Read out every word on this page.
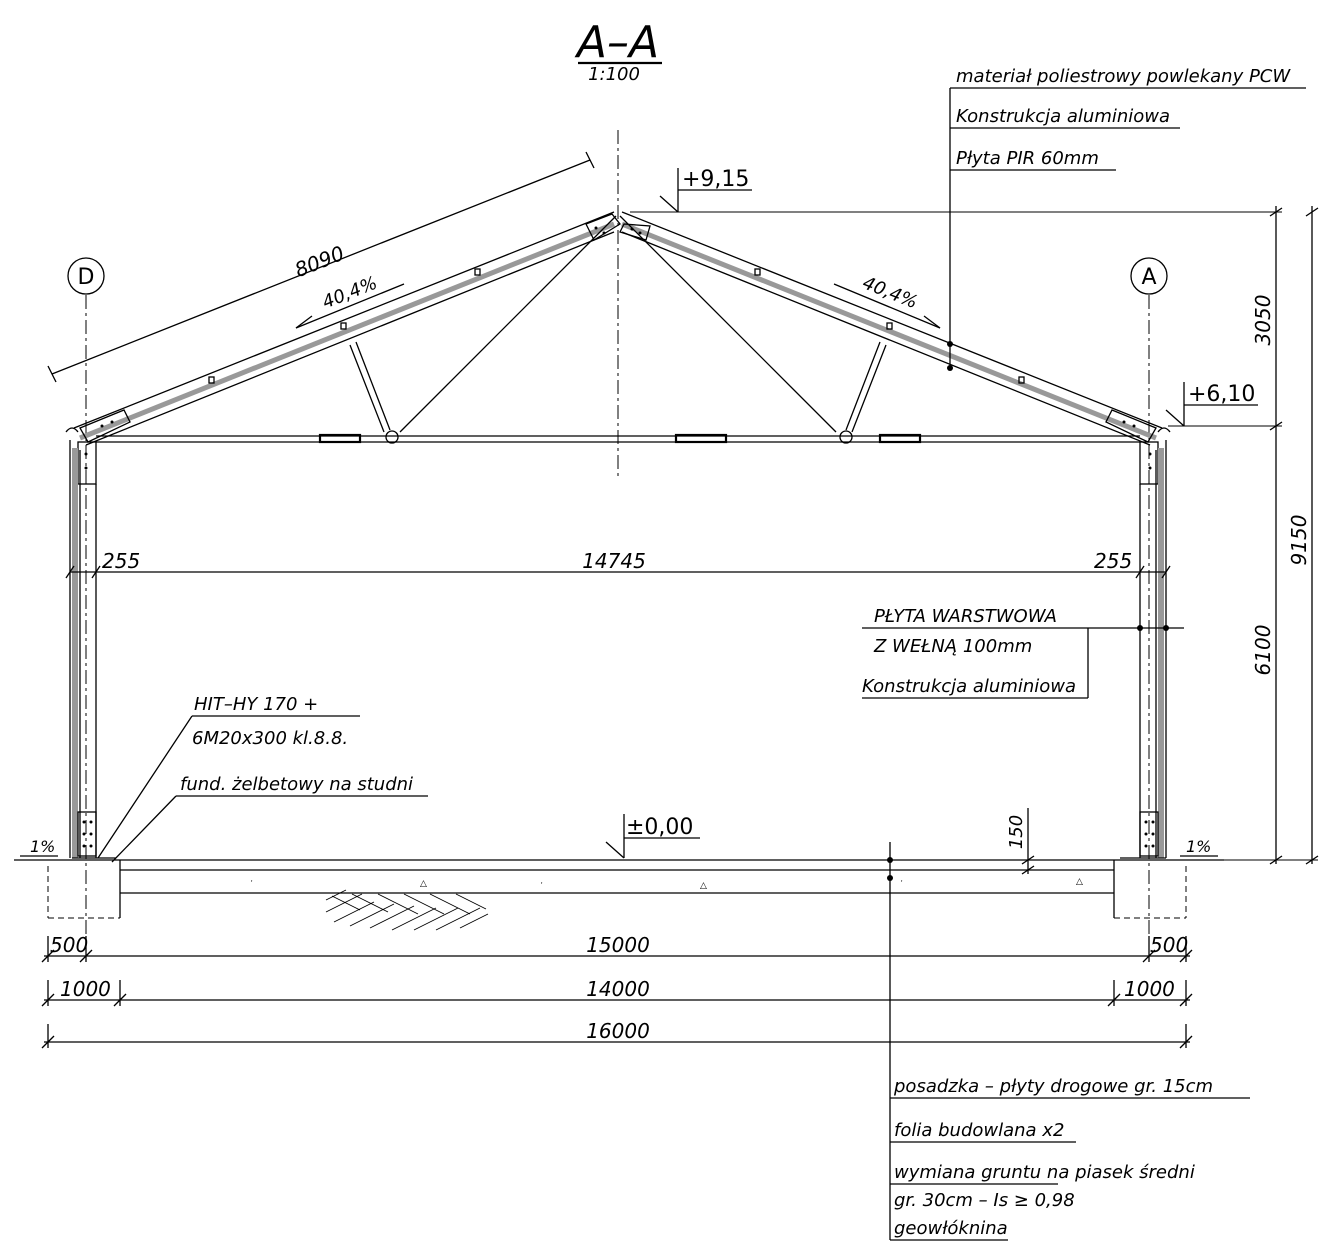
A–A
1:100
D	A
△	△	△
·	·	·
1%	1%
+9,15
+6,10
±0,00
8090
40,4%	40,4%
255	14745	255
3050
6100
9150
150
500	15000	500
1000	14000	1000
16000
materiał poliestrowy powlekany PCW
Konstrukcja aluminiowa
Płyta PIR 60mm
PŁYTA WARSTWOWA
Z WEŁNĄ 100mm
Konstrukcja aluminiowa
HIT–HY 170 +
6M20x300 kl.8.8.
fund. żelbetowy na studni
posadzka – płyty drogowe gr. 15cm
folia budowlana x2
wymiana gruntu na piasek średni
gr. 30cm – Is ≥ 0,98
geowłóknina
